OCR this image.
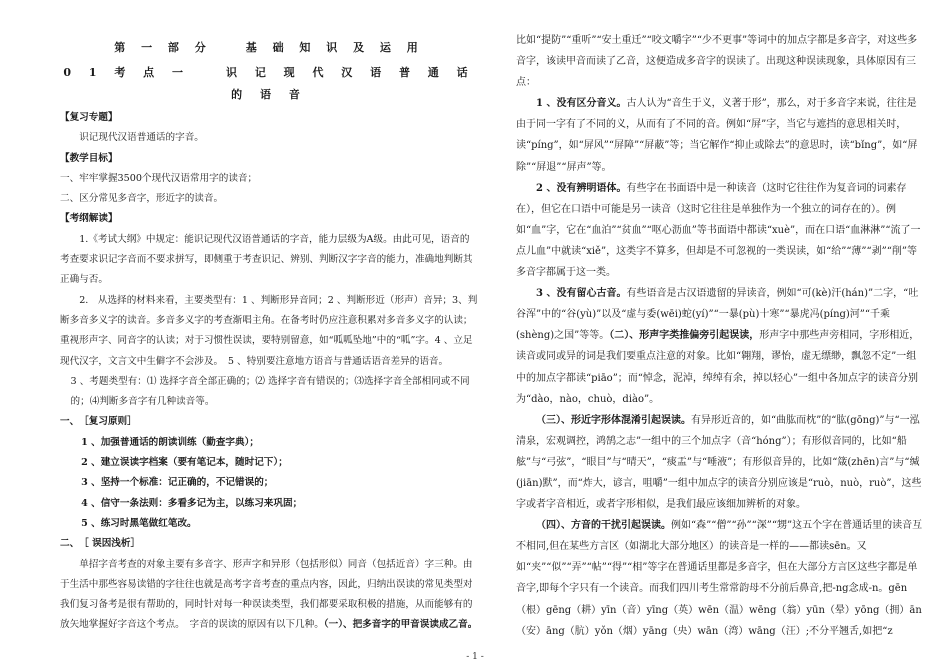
第 一 部 分　　基 础 知 识 及 运 用

0 1 考 点 一　　识 记 现 代 汉 语 普 通 话 的 语 音

【复习专题】

识记现代汉语普通话的字音。

【教学目标】

一、牢牢掌握3500个现代汉语常用字的读音；

二、区分常见多音字，形近字的读音。

【考纲解读】

1.《考试大纲》中规定：能识记现代汉语普通话的字音，能力层级为A级。由此可见，语音的考查要求识记字音而不要求拼写，即侧重于考查识记、辨别、判断汉字字音的能力，准确地判断其正确与否。

2.　从选择的材料来看，主要类型有：1 、判断形异音同；2 、判断形近（形声）音异；3、判断多音多义字的读音。多音多义字的考查渐唱主角。在备考时仍应注意积累对多音多义字的认读；重视形声字、同音字的认读；对于习惯性误读，要特别留意，如“呱呱坠地”中的“呱”字。4 、立足现代汉字，文言文中生僻字不会涉及。　5 、特别要注意地方语音与普通话语音差异的语音。

3 、考题类型有：⑴ 选择字音全部正确的；⑵ 选择字音有错误的；⑶选择字音全部相同或不同的；⑷判断多音字有几种读音等。

一、　［复习原则］

1 、加强普通话的朗读训练（勤查字典）；

2 、建立误读字档案（要有笔记本，随时记下）；

3 、坚持一个标准：记正确的，不记错误的；

4 、信守一条法则：多看多记为主，以练习来巩固；

5 、练习时黑笔做红笔改。

二、　［ 误因浅析］

单招字音考查的对象主要有多音字、形声字和异形（包括形似）同音（包括近音）字三种。由于生活中那些容易读错的字往往也就是高考字音考查的重点内容，因此，归纳出误读的常见类型对我们复习备考是很有帮助的，同时针对每一种误读类型，我们都要采取积极的措施，从而能够有的放矢地掌握好字音这个考点。　字音的误读的原因有以下几种。（一）、把多音字的甲音误读成乙音。

比如“提防”“重听”“安土重迁”“咬文嚼字”“少不更事”等词中的加点字都是多音字，对这些多音字，该读甲音而读了乙音，这便造成多音字的误读了。出现这种误读现象，具体原因有三点：

1 、没有区分音义。古人认为“音生于义，义著于形”，那么，对于多音字来说，往往是由于同一字有了不同的义，从而有了不同的音。例如“屏”字，当它与遮挡的意思相关时，读“píng”，如“屏风”“屏障”“屏蔽”等；当它解作“抑止或除去”的意思时，读“bǐng”，如“屏除”“屏退”“屏声”等。

2 、没有辨明语体。有些字在书面语中是一种读音（这时它往往作为复音词的词素存在），但它在口语中可能是另一读音（这时它往往是单独作为一个独立的词存在的）。例如“血”字，它在“血泊”“贫血”“呕心沥血”等书面语中都读“xuè”，而在口语“血淋淋”“流了一点儿血”中就读“xiě”，这类字不算多，但却是不可忽视的一类误读，如“给”“薄”“剥”“削”等多音字都属于这一类。

3 、没有留心古音。有些语音是古汉语遗留的异读音，例如“可(kè)汗(hán)”二字，“吐谷浑”中的“谷(yù)”以及“虚与委(wēi)蛇(yí)”“一暴(pù)十寒”“暴虎冯(píng)河”“千乘(shèng)之国”等等。（二）、形声字类推偏旁引起误读，形声字中那些声旁相同，字形相近，读音或同或异的词是我们要重点注意的对象。比如“翱翔，谬怡，虚无缥缈，飘忽不定”一组中的加点字都读“piāo”；而“悼念，泥淖，绰绰有余，掉以轻心”一组中各加点字的读音分别为“dào，nào，chuò，diào”。

（三）、形近字形体混淆引起误读。有异形近音的，如“曲肱而枕”的“肱(gōng)”与“一泓清泉，宏观调控，鸿鹄之志”一组中的三个加点字（音“hóng”）；有形似音同的，比如“船舷”与“弓弦”，“眼目”与“晴天”，“痰盂”与“唾液”；有形似音异的，比如“箴(zhēn)言”与“缄(jiān)默”，而“炸大，谚言，咀嚼”一组中加点字的读音分别应该是“ruò，nuò，ruò”，这些字或者字音相近，或者字形相似，是我们最应该细加辨析的对象。

（四）、方音的干扰引起误读。例如“森”“僧”“孙”“深”“甥”这五个字在普通话里的读音互不相同,但在某些方言区（如湖北大部分地区）的读音是一样的——都读sēn。又如“夹”“似”“弄”“帖”“得”“相”等字在普通话里都是多音字，但在大部分方言区这些字都是单音字,即每个字只有一个读音。而我们四川考生常常韵母不分前后鼻音,把-ng念成-n。gēn（根）gēng（耕）yīn（音）yīng（英）wēn（温）wēng（翁）yūn（晕）yōng（拥）ān（安）āng（肮）yǒn（烟）yāng（央）wān（湾）wāng（汪）;不分平翘舌,如把“z

- 1 -
